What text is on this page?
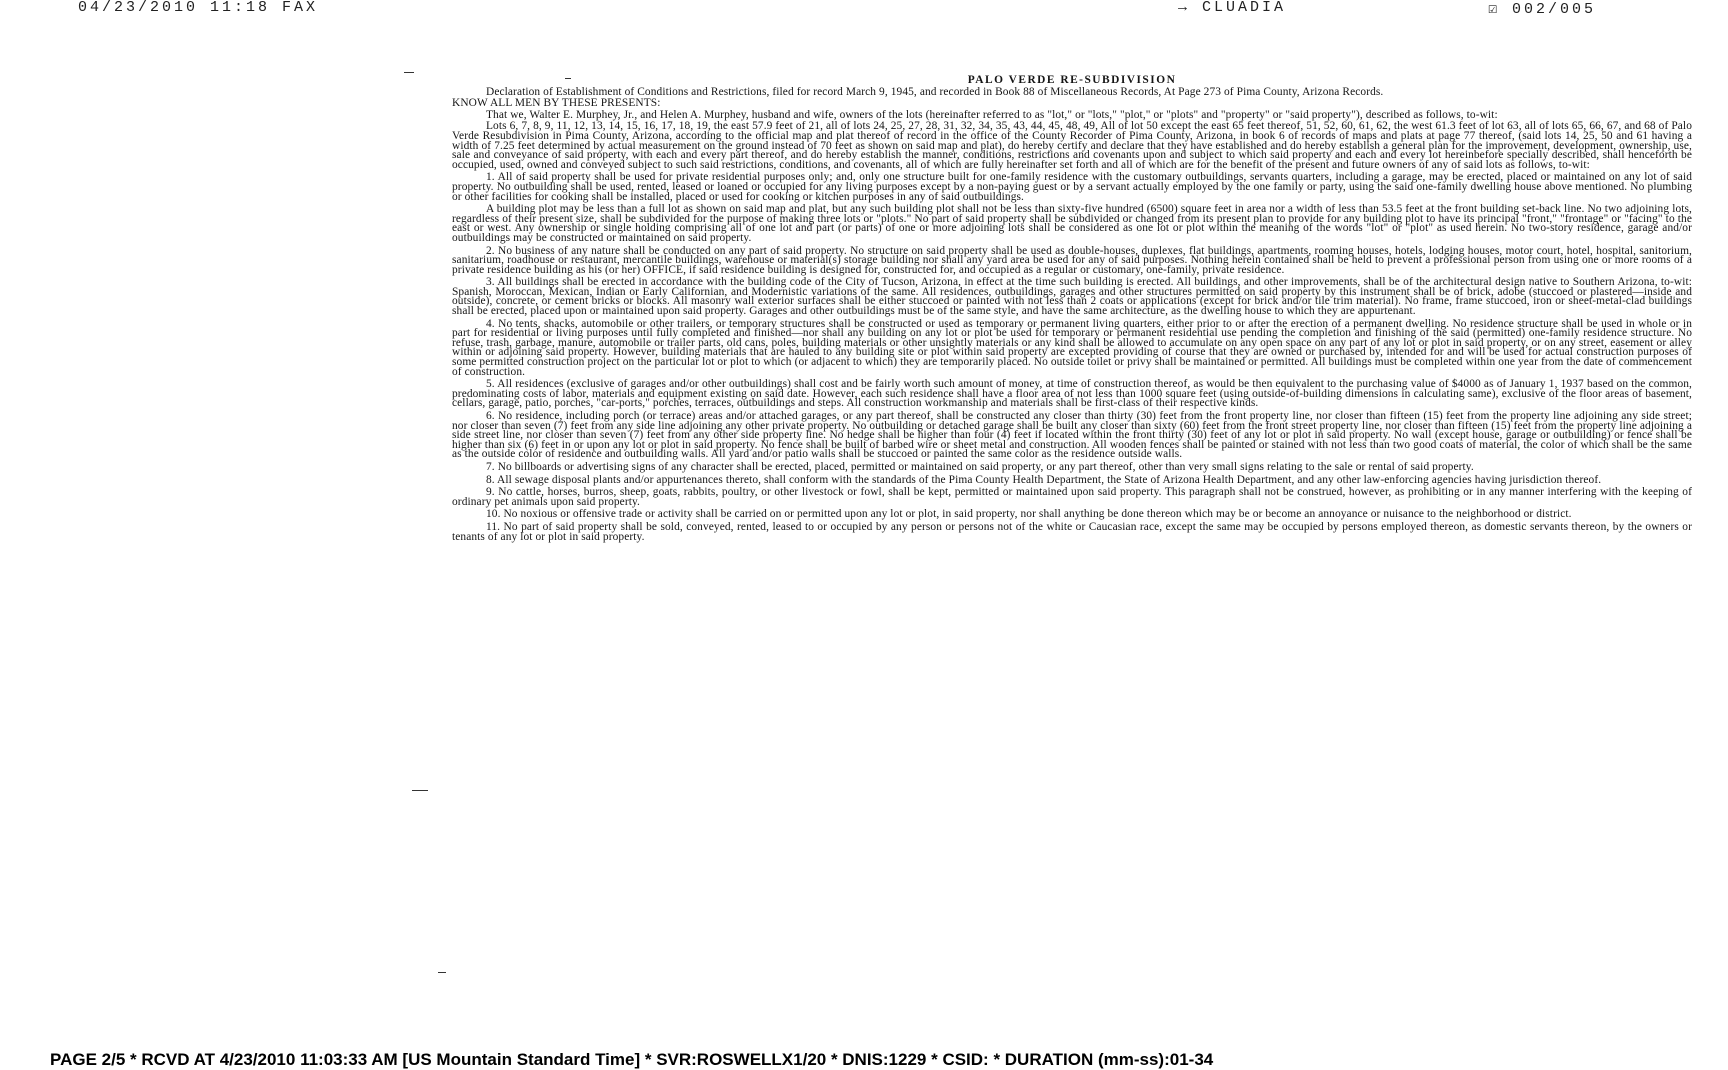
04/23/2010 11:18 FAX	→ CLUADIA	☑ 002/005

PALO VERDE RE-SUBDIVISION

Declaration of Establishment of Conditions and Restrictions, filed for record March 9, 1945, and recorded in Book 88 of Miscellaneous Records, At Page 273 of Pima County, Arizona Records.

KNOW ALL MEN BY THESE PRESENTS:

That we, Walter E. Murphey, Jr., and Helen A. Murphey, husband and wife, owners of the lots (hereinafter referred to as "lot," or "lots," "plot," or "plots" and "property" or "said property"), described as follows, to-wit:

Lots 6, 7, 8, 9, 11, 12, 13, 14, 15, 16, 17, 18, 19, the east 57.9 feet of 21, all of lots 24, 25, 27, 28, 31, 32, 34, 35, 43, 44, 45, 48, 49, All of lot 50 except the east 65 feet thereof, 51, 52, 60, 61, 62, the west 61.3 feet of lot 63, all of lots 65, 66, 67, and 68 of Palo Verde Resubdivision in Pima County, Arizona, according to the official map and plat thereof of record in the office of the County Recorder of Pima County, Arizona, in book 6 of records of maps and plats at page 77 thereof, (said lots 14, 25, 50 and 61 having a width of 7.25 feet determined by actual measurement on the ground instead of 70 feet as shown on said map and plat), do hereby certify and declare that they have established and do hereby establish a general plan for the improvement, development, ownership, use, sale and conveyance of said property, with each and every part thereof, and do hereby establish the manner, conditions, restrictions and covenants upon and subject to which said property and each and every lot hereinbefore specially described, shall henceforth be occupied, used, owned and conveyed subject to such said restrictions, conditions, and covenants, all of which are fully hereinafter set forth and all of which are for the benefit of the present and future owners of any of said lots as follows, to-wit:

1. All of said property shall be used for private residential purposes only; and, only one structure built for one-family residence with the customary outbuildings, servants quarters, including a garage, may be erected, placed or maintained on any lot of said property. No outbuilding shall be used, rented, leased or loaned or occupied for any living purposes except by a non-paying guest or by a servant actually employed by the one family or party, using the said one-family dwelling house above mentioned. No plumbing or other facilities for cooking shall be installed, placed or used for cooking or kitchen purposes in any of said outbuildings.

A building plot may be less than a full lot as shown on said map and plat, but any such building plot shall not be less than sixty-five hundred (6500) square feet in area nor a width of less than 53.5 feet at the front building set-back line. No two adjoining lots, regardless of their present size, shall be subdivided for the purpose of making three lots or "plots." No part of said property shall be subdivided or changed from its present plan to provide for any building plot to have its principal "front," "frontage" or "facing" to the east or west. Any ownership or single holding comprising all of one lot and part (or parts) of one or more adjoining lots shall be considered as one lot or plot within the meaning of the words "lot" or "plot" as used herein. No two-story residence, garage and/or outbuildings may be constructed or maintained on said property.

2. No business of any nature shall be conducted on any part of said property. No structure on said property shall be used as double-houses, duplexes, flat buildings, apartments, rooming houses, hotels, lodging houses, motor court, hotel, hospital, sanitorium, sanitarium, roadhouse or restaurant, mercantile buildings, warehouse or material(s) storage building nor shall any yard area be used for any of said purposes. Nothing herein contained shall be held to prevent a professional person from using one or more rooms of a private residence building as his (or her) OFFICE, if said residence building is designed for, constructed for, and occupied as a regular or customary, one-family, private residence.

3. All buildings shall be erected in accordance with the building code of the City of Tucson, Arizona, in effect at the time such building is erected. All buildings, and other improvements, shall be of the architectural design native to Southern Arizona, to-wit: Spanish, Moroccan, Mexican, Indian or Early Californian, and Modernistic variations of the same. All residences, outbuildings, garages and other structures permitted on said property by this instrument shall be of brick, adobe (stuccoed or plastered—inside and outside), concrete, or cement bricks or blocks. All masonry wall exterior surfaces shall be either stuccoed or painted with not less than 2 coats or applications (except for brick and/or tile trim material). No frame, frame stuccoed, iron or sheet-metal-clad buildings shall be erected, placed upon or maintained upon said property. Garages and other outbuildings must be of the same style, and have the same architecture, as the dwelling house to which they are appurtenant.

4. No tents, shacks, automobile or other trailers, or temporary structures shall be constructed or used as temporary or permanent living quarters, either prior to or after the erection of a permanent dwelling. No residence structure shall be used in whole or in part for residential or living purposes until fully completed and finished—nor shall any building on any lot or plot be used for temporary or permanent residential use pending the completion and finishing of the said (permitted) one-family residence structure. No refuse, trash, garbage, manure, automobile or trailer parts, old cans, poles, building materials or other unsightly materials or any kind shall be allowed to accumulate on any open space on any part of any lot or plot in said property, or on any street, easement or alley within or adjoining said property. However, building materials that are hauled to any building site or plot within said property are excepted providing of course that they are owned or purchased by, intended for and will be used for actual construction purposes of some permitted construction project on the particular lot or plot to which (or adjacent to which) they are temporarily placed. No outside toilet or privy shall be maintained or permitted. All buildings must be completed within one year from the date of commencement of construction.

5. All residences (exclusive of garages and/or other outbuildings) shall cost and be fairly worth such amount of money, at time of construction thereof, as would be then equivalent to the purchasing value of $4000 as of January 1, 1937 based on the common, predominating costs of labor, materials and equipment existing on said date. However, each such residence shall have a floor area of not less than 1000 square feet (using outside-of-building dimensions in calculating same), exclusive of the floor areas of basement, cellars, garage, patio, porches, "car-ports," porches, terraces, outbuildings and steps. All construction workmanship and materials shall be first-class of their respective kinds.

6. No residence, including porch (or terrace) areas and/or attached garages, or any part thereof, shall be constructed any closer than thirty (30) feet from the front property line, nor closer than fifteen (15) feet from the property line adjoining any side street; nor closer than seven (7) feet from any side line adjoining any other private property. No outbuilding or detached garage shall be built any closer than sixty (60) feet from the front street property line, nor closer than fifteen (15) feet from the property line adjoining a side street line, nor closer than seven (7) feet from any other side property line. No hedge shall be higher than four (4) feet if located within the front thirty (30) feet of any lot or plot in said property. No wall (except house, garage or outbuilding) or fence shall be higher than six (6) feet in or upon any lot or plot in said property. No fence shall be built of barbed wire or sheet metal and construction. All wooden fences shall be painted or stained with not less than two good coats of material, the color of which shall be the same as the outside color of residence and outbuilding walls. All yard and/or patio walls shall be stuccoed or painted the same color as the residence outside walls.

7. No billboards or advertising signs of any character shall be erected, placed, permitted or maintained on said property, or any part thereof, other than very small signs relating to the sale or rental of said property.

8. All sewage disposal plants and/or appurtenances thereto, shall conform with the standards of the Pima County Health Department, the State of Arizona Health Department, and any other law-enforcing agencies having jurisdiction thereof.

9. No cattle, horses, burros, sheep, goats, rabbits, poultry, or other livestock or fowl, shall be kept, permitted or maintained upon said property. This paragraph shall not be construed, however, as prohibiting or in any manner interfering with the keeping of ordinary pet animals upon said property.

10. No noxious or offensive trade or activity shall be carried on or permitted upon any lot or plot, in said property, nor shall anything be done thereon which may be or become an annoyance or nuisance to the neighborhood or district.

11. No part of said property shall be sold, conveyed, rented, leased to or occupied by any person or persons not of the white or Caucasian race, except the same may be occupied by persons employed thereon, as domestic servants thereon, by the owners or tenants of any lot or plot in said property.

PAGE 2/5 * RCVD AT 4/23/2010 11:03:33 AM [US Mountain Standard Time] * SVR:ROSWELLX1/20 * DNIS:1229 * CSID: * DURATION (mm-ss):01-34
